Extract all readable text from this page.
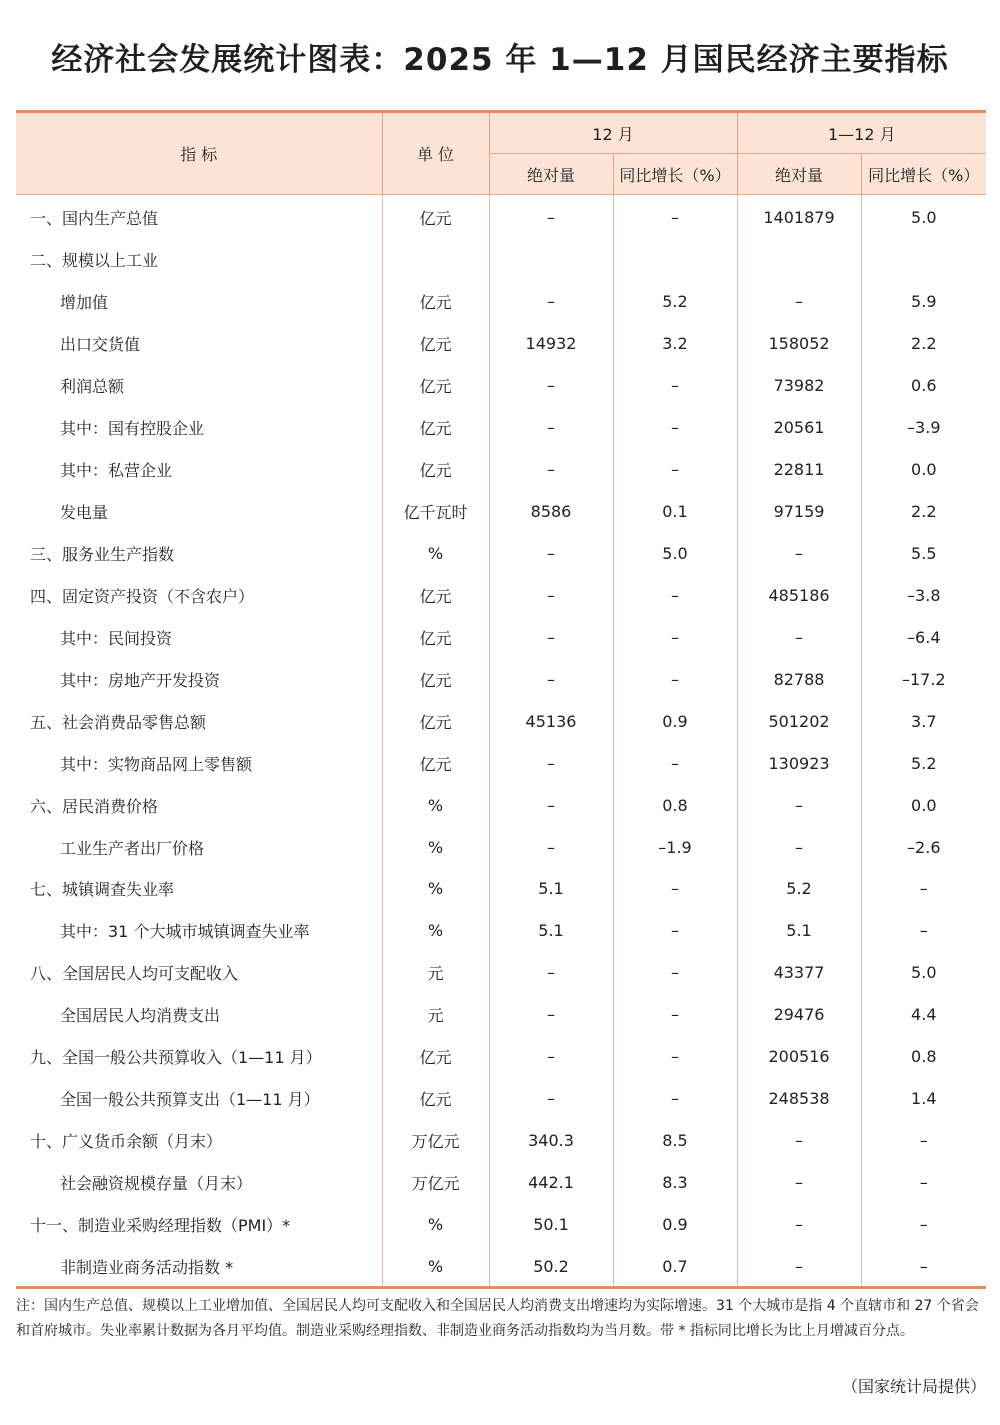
经济社会发展统计图表：2025 年 1—12 月国民经济主要指标
指 标	单 位	12 月		1—12 月	
		绝对量	同比增长（%）	绝对量	同比增长（%）
一、国内生产总值	亿元	–	–	1401879	5.0
二、规模以上工业					
增加值	亿元	–	5.2	–	5.9
出口交货值	亿元	14932	3.2	158052	2.2
利润总额	亿元	–	–	73982	0.6
其中：国有控股企业	亿元	–	–	20561	–3.9
其中：私营企业	亿元	–	–	22811	0.0
发电量	亿千瓦时	8586	0.1	97159	2.2
三、服务业生产指数	%	–	5.0	–	5.5
四、固定资产投资（不含农户）	亿元	–	–	485186	–3.8
其中：民间投资	亿元	–	–	–	–6.4
其中：房地产开发投资	亿元	–	–	82788	–17.2
五、社会消费品零售总额	亿元	45136	0.9	501202	3.7
其中：实物商品网上零售额	亿元	–	–	130923	5.2
六、居民消费价格	%	–	0.8	–	0.0
工业生产者出厂价格	%	–	–1.9	–	–2.6
七、城镇调查失业率	%	5.1	–	5.2	–
其中：31 个大城市城镇调查失业率	%	5.1	–	5.1	–
八、全国居民人均可支配收入	元	–	–	43377	5.0
全国居民人均消费支出	元	–	–	29476	4.4
九、全国一般公共预算收入（1—11 月）	亿元	–	–	200516	0.8
全国一般公共预算支出（1—11 月）	亿元	–	–	248538	1.4
十、广义货币余额（月末）	万亿元	340.3	8.5	–	–
社会融资规模存量（月末）	万亿元	442.1	8.3	–	–
十一、制造业采购经理指数（PMI）*	%	50.1	0.9	–	–
非制造业商务活动指数 *	%	50.2	0.7	–	–
注：国内生产总值、规模以上工业增加值、全国居民人均可支配收入和全国居民人均消费支出增速均为实际增速。31 个大城市是指 4 个直辖市和 27 个省会和首府城市。失业率累计数据为各月平均值。制造业采购经理指数、非制造业商务活动指数均为当月数。带 * 指标同比增长为比上月增减百分点。
（国家统计局提供）
